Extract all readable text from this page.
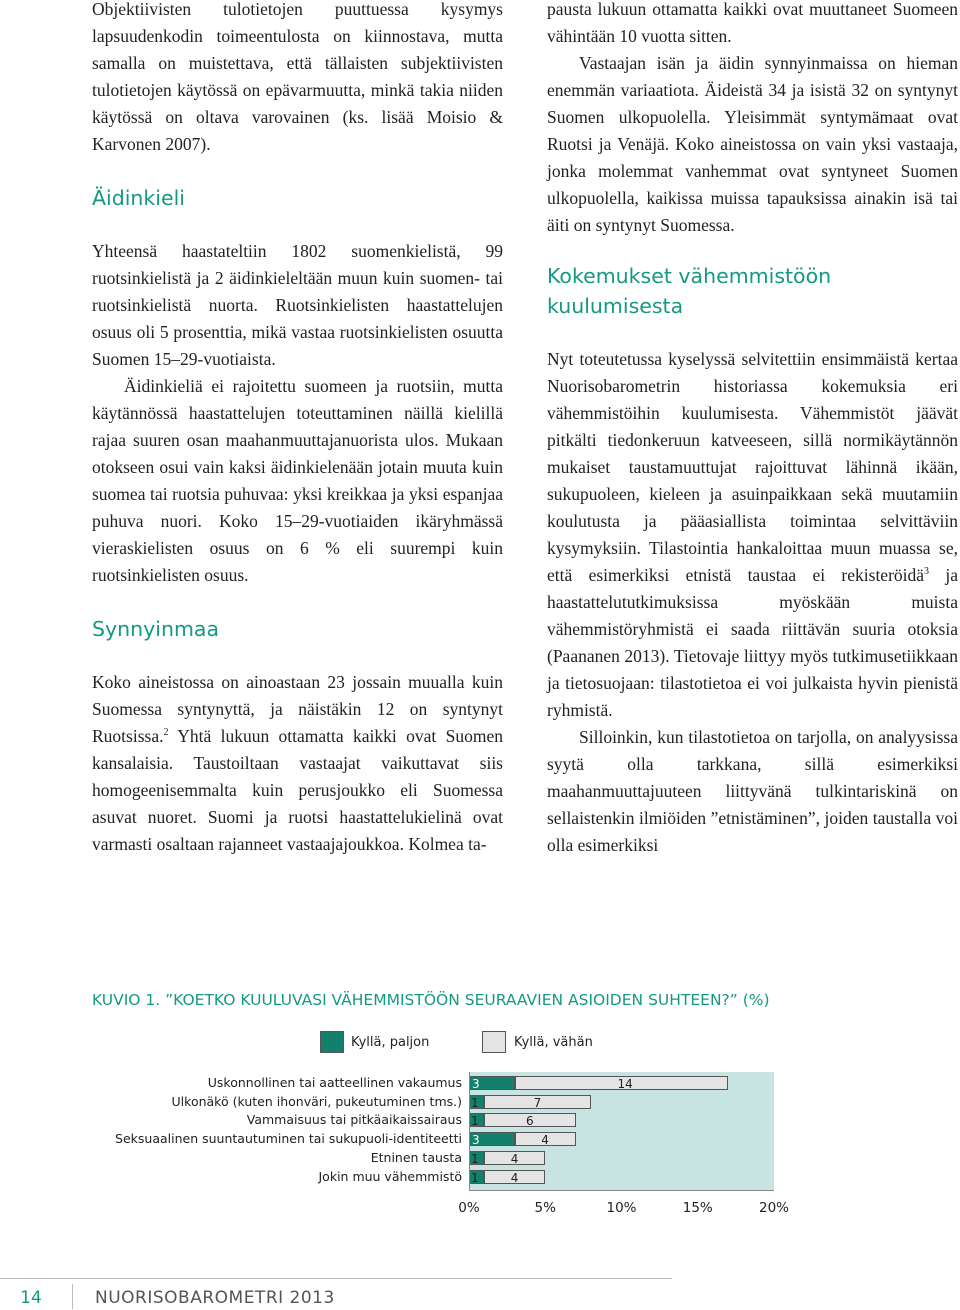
Objektiivisten tulotietojen puuttuessa kysymys lapsuudenkodin toimeentulosta on kiinnostava, mutta samalla on muistettava, että tällaisten subjektiivisten tulotietojen käytössä on epävarmuutta, minkä takia niiden käytössä on oltava varovainen (ks. lisää Moisio & Karvonen 2007).

Äidinkieli

Yhteensä haastateltiin 1802 suomenkielistä, 99 ruotsinkielistä ja 2 äidinkieleltään muun kuin suomen- tai ruotsinkielistä nuorta. Ruotsinkielisten haastattelujen osuus oli 5 prosenttia, mikä vastaa ruotsinkielisten osuutta Suomen 15–29-vuotiaista.

Äidinkieliä ei rajoitettu suomeen ja ruotsiin, mutta käytännössä haastattelujen toteuttaminen näillä kielillä rajaa suuren osan maahanmuuttajanuorista ulos. Mukaan otokseen osui vain kaksi äidinkielenään jotain muuta kuin suomea tai ruotsia puhuvaa: yksi kreikkaa ja yksi espanjaa puhuva nuori. Koko 15–29-vuotiaiden ikäryhmässä vieraskielisten osuus on 6 % eli suurempi kuin ruotsinkielisten osuus.

Synnyinmaa

Koko aineistossa on ainoastaan 23 jossain muualla kuin Suomessa syntynyttä, ja näistäkin 12 on syntynyt Ruotsissa.$^2$ Yhtä lukuun ottamatta kaikki ovat Suomen kansalaisia. Taustoiltaan vastaajat vaikuttavat siis homogeenisemmalta kuin perusjoukko eli Suomessa asuvat nuoret. Suomi ja ruotsi haastattelukielinä ovat varmasti osaltaan rajanneet vastaajajoukkoa. Kolmea ta-

pausta lukuun ottamatta kaikki ovat muuttaneet Suomeen vähintään 10 vuotta sitten.

Vastaajan isän ja äidin synnyinmaissa on hieman enemmän variaatiota. Äideistä 34 ja isistä 32 on syntynyt Suomen ulkopuolella. Yleisimmät syntymämaat ovat Ruotsi ja Venäjä. Koko aineistossa on vain yksi vastaaja, jonka molemmat vanhemmat ovat syntyneet Suomen ulkopuolella, kaikissa muissa tapauksissa ainakin isä tai äiti on syntynyt Suomessa.

Kokemukset vähemmistöön kuulumisesta

Nyt toteutetussa kyselyssä selvitettiin ensimmäistä kertaa Nuorisobarometrin historiassa kokemuksia eri vähemmistöihin kuulumisesta. Vähemmistöt jäävät pitkälti tiedonkeruun katveeseen, sillä normikäytännön mukaiset taustamuuttujat rajoittuvat lähinnä ikään, sukupuoleen, kieleen ja asuinpaikkaan sekä muutamiin koulutusta ja pääasiallista toimintaa selvittäviin kysymyksiin. Tilastointia hankaloittaa muun muassa se, että esimerkiksi etnistä taustaa ei rekisteröidä$^3$ ja haastattelututkimuksissa myöskään muista vähemmistöryhmistä ei saada riittävän suuria otoksia (Paananen 2013). Tietovaje liittyy myös tutkimusetiikkaan ja tietosuojaan: tilastotietoa ei voi julkaista hyvin pienistä ryhmistä.

Silloinkin, kun tilastotietoa on tarjolla, on analyysissa syytä olla tarkkana, sillä esimerkiksi maahanmuuttajuuteen liittyvänä tulkintariskinä on sellaistenkin ilmiöiden ”etnistäminen”, joiden taustalla voi olla esimerkiksi

KUVIO 1. ”KOETKO KUULUVASI VÄHEMMISTÖÖN SEURAAVIEN ASIOIDEN SUHTEEN?” (%)
Kyllä, paljon	Kyllä, vähän
Uskonnollinen tai aatteellinen vakaumus 3	14
Ulkonäkö (kuten ihonväri, pukeutuminen tms.) 1	7
Vammaisuus tai pitkäaikaissairaus 1	6
Seksuaalinen suuntautuminen tai sukupuoli-identiteetti 3	4
Etninen tausta 1	4
Jokin muu vähemmistö 1	4
0%	5%	10%	15%	20%
14	NUORISOBAROMETRI 2013
